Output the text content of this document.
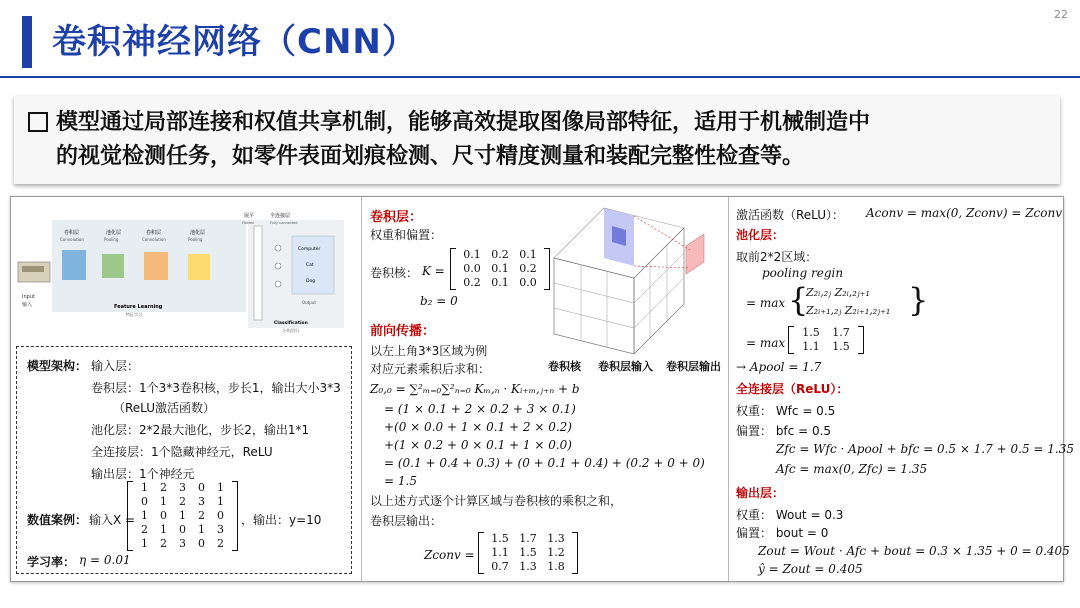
22
卷积神经网络（CNN）
模型通过局部连接和权值共享机制，能够高效提取图像局部特征，适用于机械制造中
的视觉检测任务，如零件表面划痕检测、尺寸精度测量和装配完整性检查等。
Input
输入
卷积层	池化层	卷积层	池化层
Convolution	Pooling	Convolution	Pooling
Feature Learning
特征学习
展平
Flatten
全连接层
Fully connected
Computer
Cat
Dog
Output
Classification
分类/回归
模型架构： 输入层：
卷积层：1个3*3卷积核，步长1，输出大小3*3
（ReLU激活函数）
池化层：2*2最大池化，步长2，输出1*1
全连接层：1个隐藏神经元，ReLU
输出层：1个神经元
数值案例： 输入X =
1	2	3	0	1
0	1	2	3	1
1	0	1	2	0
2	1	0	1	3
1	2	3	0	2
，输出：y=10
学习率： η = 0.01
卷积层：
权重和偏置：
卷积核： K =
0.1 0.2 0.1
0.0 0.1 0.2
0.2 0.1 0.0
b₂ = 0
前向传播：
以左上角3*3区域为例
对应元素乘积后求和：
Z₀,₀ = ∑²ₘ₌₀∑²ₙ₌₀ Kₘ,ₙ · Kᵢ₊ₘ,ⱼ₊ₙ + b
= (1 × 0.1 + 2 × 0.2 + 3 × 0.1)
+(0 × 0.0 + 1 × 0.1 + 2 × 0.2)
+(1 × 0.2 + 0 × 0.1 + 1 × 0.0)
= (0.1 + 0.4 + 0.3) + (0 + 0.1 + 0.4) + (0.2 + 0 + 0)
= 1.5
以上述方式逐个计算区域与卷积核的乘积之和，
卷积层输出：
Zconv =
1.5 1.7 1.3
1.1 1.5 1.2
0.7 1.3 1.8
卷积核 卷积层输入 卷积层输出
激活函数（ReLU）： Aconv = max(0, Zconv) = Zconv
池化层：
取前2*2区域：
pooling regin
= max {
Z₂ᵢ,₂ⱼ Z₂ᵢ,₂ⱼ₊₁
Z₂ᵢ₊₁,₂ⱼ Z₂ᵢ₊₁,₂ⱼ₊₁ }
= max
1.5	1.7
1.1	1.5
→ Apool = 1.7
全连接层（ReLU）：
权重： Wfc = 0.5
偏置： bfc = 0.5
Zfc = Wfc · Apool + bfc = 0.5 × 1.7 + 0.5 = 1.35
Afc = max(0, Zfc) = 1.35
输出层：
权重： Wout = 0.3
偏置： bout = 0
Zout = Wout · Afc + bout = 0.3 × 1.35 + 0 = 0.405
ŷ = Zout = 0.405
